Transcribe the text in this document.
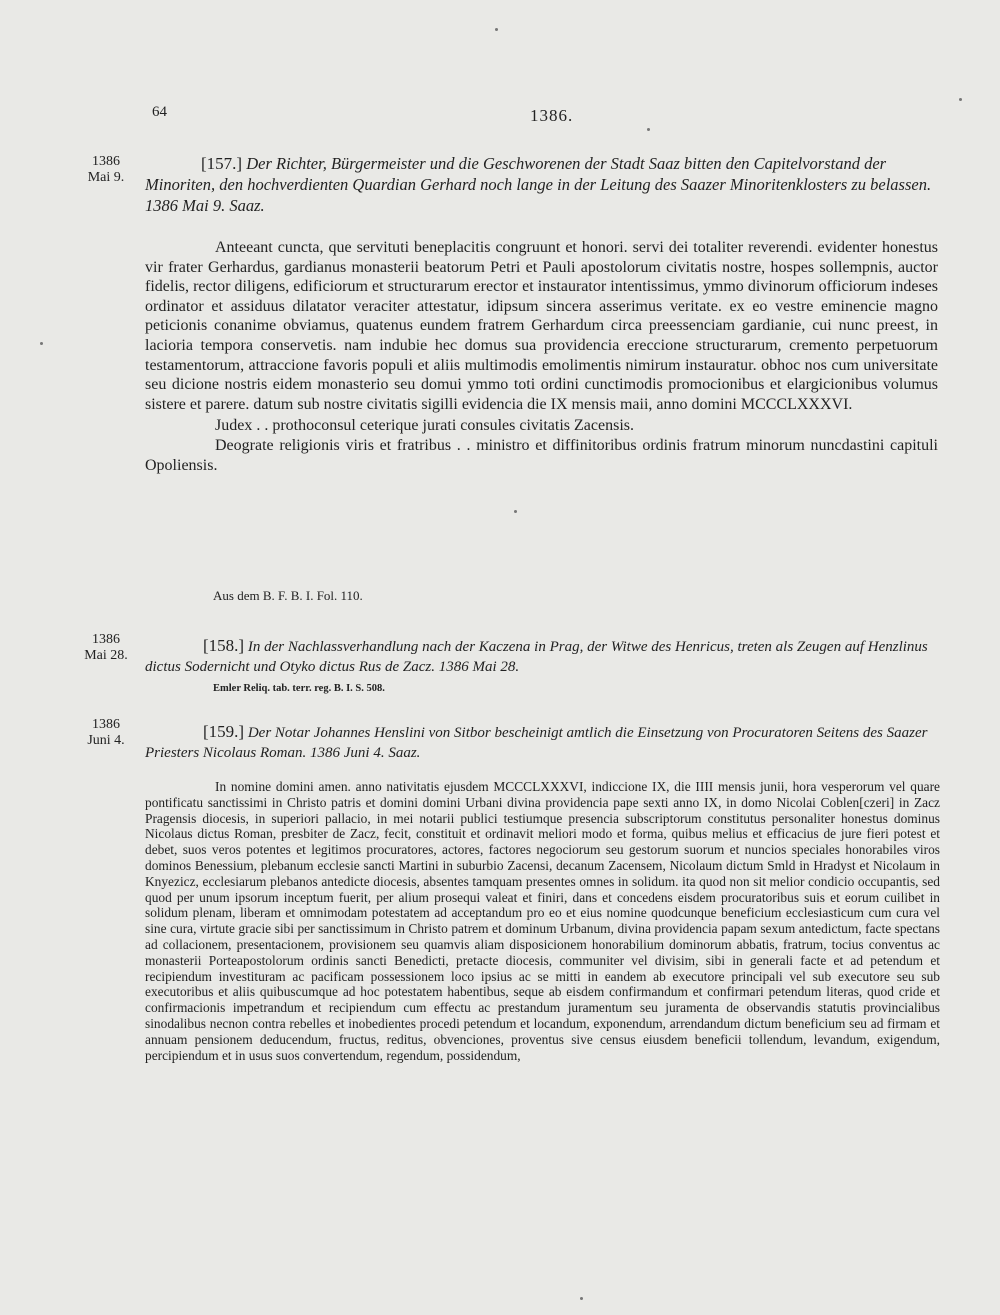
64	1386.
1386
Mai 9.
[157.] Der Richter, Bürgermeister und die Geschworenen der Stadt Saaz bitten den Capitelvorstand der Minoriten, den hochverdienten Quardian Gerhard noch lange in der Leitung des Saazer Minoritenklosters zu belassen. 1386 Mai 9. Saaz.

Anteeant cuncta, que servituti beneplacitis congruunt et honori. servi dei totaliter reverendi. evidenter honestus vir frater Gerhardus, gardianus monasterii beatorum Petri et Pauli apostolorum civitatis nostre, hospes sollempnis, auctor fidelis, rector diligens, edificiorum et structurarum erector et instaurator intentissimus, ymmo divinorum officiorum indeses ordinator et assiduus dilatator veraciter attestatur, idipsum sincera asserimus veritate. ex eo vestre eminencie magno peticionis conanime obviamus, quatenus eundem fratrem Gerhardum circa preessenciam gardianie, cui nunc preest, in lacioria tempora conservetis. nam indubie hec domus sua providencia ereccione structurarum, cremento perpetuorum testamentorum, attraccione favoris populi et aliis multimodis emolimentis nimirum instauratur. obhoc nos cum universitate seu dicione nostris eidem monasterio seu domui ymmo toti ordini cunctimodis promocionibus et elargicionibus volumus sistere et parere. datum sub nostre civitatis sigilli evidencia die IX mensis maii, anno domini MCCCLXXXVI.

Judex . . prothoconsul ceterique jurati consules civitatis Zacensis.

Deograte religionis viris et fratribus . . ministro et diffinitoribus ordinis fratrum minorum nuncdastini capituli Opoliensis.

Aus dem B. F. B. I. Fol. 110.
1386
Mai 28.
[158.] In der Nachlassverhandlung nach der Kaczena in Prag, der Witwe des Henricus, treten als Zeugen auf Henzlinus dictus Sodernicht und Otyko dictus Rus de Zacz. 1386 Mai 28.
Emler Reliq. tab. terr. reg. B. I. S. 508.
1386
Juni 4.	[159.] Der Notar Johannes Henslini von Sitbor bescheinigt amtlich die Einsetzung von Procuratoren Seitens des Saazer Priesters Nicolaus Roman. 1386 Juni 4. Saaz.

In nomine domini amen. anno nativitatis ejusdem MCCCLXXXVI, indiccione IX, die IIII mensis junii, hora vesperorum vel quare pontificatu sanctissimi in Christo patris et domini domini Urbani divina providencia pape sexti anno IX, in domo Nicolai Coblen[czeri] in Zacz Pragensis diocesis, in superiori pallacio, in mei notarii publici testiumque presencia subscriptorum constitutus personaliter honestus dominus Nicolaus dictus Roman, presbiter de Zacz, fecit, constituit et ordinavit meliori modo et forma, quibus melius et efficacius de jure fieri potest et debet, suos veros potentes et legitimos procuratores, actores, factores negociorum seu gestorum suorum et nuncios speciales honorabiles viros dominos Benessium, plebanum ecclesie sancti Martini in suburbio Zacensi, decanum Zacensem, Nicolaum dictum Smld in Hradyst et Nicolaum in Knyezicz, ecclesiarum plebanos antedicte diocesis, absentes tamquam presentes omnes in solidum. ita quod non sit melior condicio occupantis, sed quod per unum ipsorum inceptum fuerit, per alium prosequi valeat et finiri, dans et concedens eisdem procuratoribus suis et eorum cuilibet in solidum plenam, liberam et omnimodam potestatem ad acceptandum pro eo et eius nomine quodcunque beneficium ecclesiasticum cum cura vel sine cura, virtute gracie sibi per sanctissimum in Christo patrem et dominum Urbanum, divina providencia papam sexum antedictum, facte spectans ad collacionem, presentacionem, provisionem seu quamvis aliam disposicionem honorabilium dominorum abbatis, fratrum, tocius conventus ac monasterii Porteapostolorum ordinis sancti Benedicti, pretacte diocesis, communiter vel divisim, sibi in generali facte et ad petendum et recipiendum investituram ac pacificam possessionem loco ipsius ac se mitti in eandem ab executore principali vel sub executore seu sub executoribus et aliis quibuscumque ad hoc potestatem habentibus, seque ab eisdem confirmandum et confirmari petendum literas, quod cride et confirmacionis impetrandum et recipiendum cum effectu ac prestandum juramentum seu juramenta de observandis statutis provincialibus sinodalibus necnon contra rebelles et inobedientes procedi petendum et locandum, exponendum, arrendandum dictum beneficium seu ad firmam et annuam pensionem deducendum, fructus, reditus, obvenciones, proventus sive census eiusdem beneficii tollendum, levandum, exigendum, percipiendum et in usus suos convertendum, regendum, possidendum,
